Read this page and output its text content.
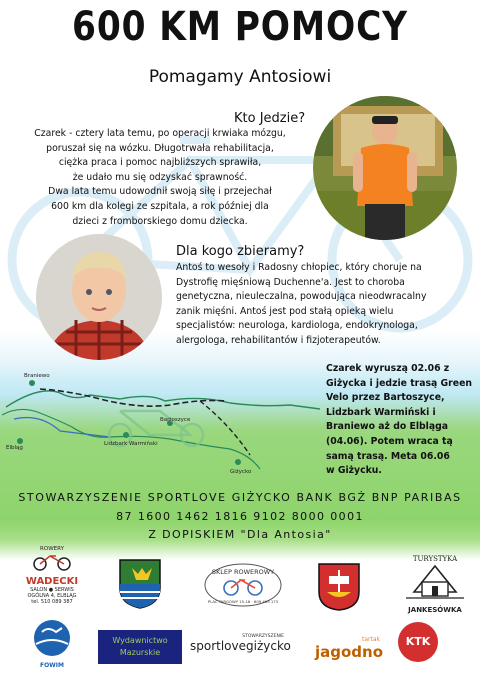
600 KM POMOCY
Pomagamy Antosiowi
Kto Jedzie?
Czarek - cztery lata temu, po operacji krwiaka mózgu,
poruszał się na wózku. Długotrwała rehabilitacja,
ciężka praca i pomoc najbliższych sprawiła,
że udało mu się odzyskać sprawność.
Dwa lata temu udowodnił swoją siłę i przejechał
600 km dla kolegi ze szpitala, a rok później dla
dzieci z fromborskiego domu dziecka.
Dla kogo zbieramy?
Antoś to wesoły i Radosny chłopiec, który choruje na
Dystrofię mięśniową Duchenne'a. Jest to choroba
genetyczna, nieuleczalna, powodująca nieodwracalny
zanik mięśni. Antoś jest pod stałą opieką wielu
specjalistów: neurologa, kardiologa, endokrynologa,
alergologa, rehabilitantów i fizjoterapeutów.
Braniewo
Bartoszyce
Lidzbark Warmiński
Elbląg
Giżycko
Czarek wyruszą 02.06 z
Giżycka i jedzie trasą Green
Velo przez Bartoszyce,
Lidzbark Warmiński i
Braniewo aż do Elbląga
(04.06). Potem wraca tą
samą trasą. Meta 06.06
w Giżycku.
STOWARZYSZENIE SPORTLOVE GIŻYCKO BANK BGŻ BNP PARIBAS
87 1600 1462 1816 9102 8000 0001
Z DOPISKIEM "Dla Antosia"
ROWERY
WADECKI
SALON ● SERWIS
OGÓLNA 4, ELBLĄG
tel. 510 089 387
SKLEP ROWEROWY
PLAC TARGOWY 15-16 · 609 493 173
TURYSTYKA
JANKESÓWKA
FOWIM
Wydawnictwo
Mazurskie
STOWARZYSZENIE
sportlovegiżycko	tartak
jagodno
KTK
